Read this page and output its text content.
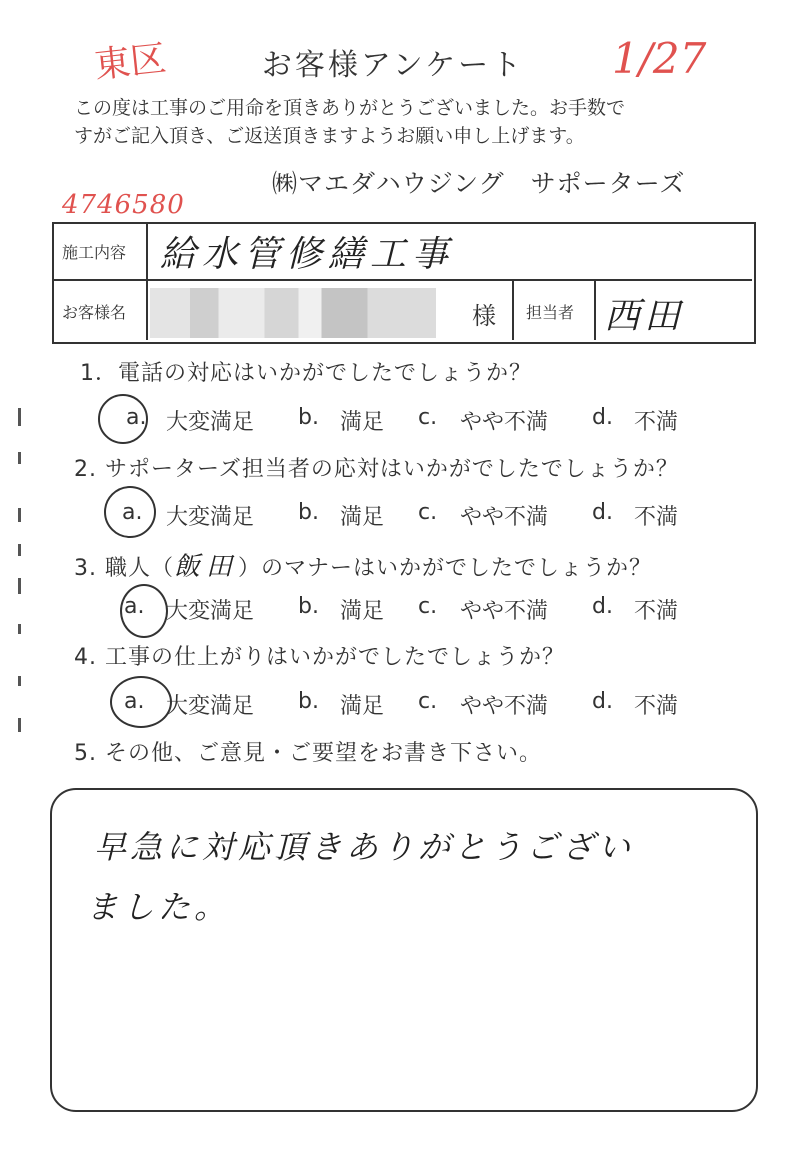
東区	1/27
お客様アンケート
この度は工事のご用命を頂きありがとうございました。お手数で
すがご記入頂き、ご返送頂きますようお願い申し上げます。
㈱マエダハウジング　サポーターズ
4746580
施工内容 給水管修繕工事
お客様名	様 担当者 西田
1．電話の対応はいかがでしたでしょうか？
a. 大変満足 b. 満足 c. やや不満 d. 不満
2. サポーターズ担当者の応対はいかがでしたでしょうか？
a. 大変満足 b. 満足 c. やや不満 d. 不満
3. 職人（飯田）のマナーはいかがでしたでしょうか？
a. 大変満足 b. 満足 c. やや不満 d. 不満
4. 工事の仕上がりはいかがでしたでしょうか？
a. 大変満足 b. 満足 c. やや不満 d. 不満
5. その他、ご意見・ご要望をお書き下さい。
早急に対応頂きありがとうござい
ました。
